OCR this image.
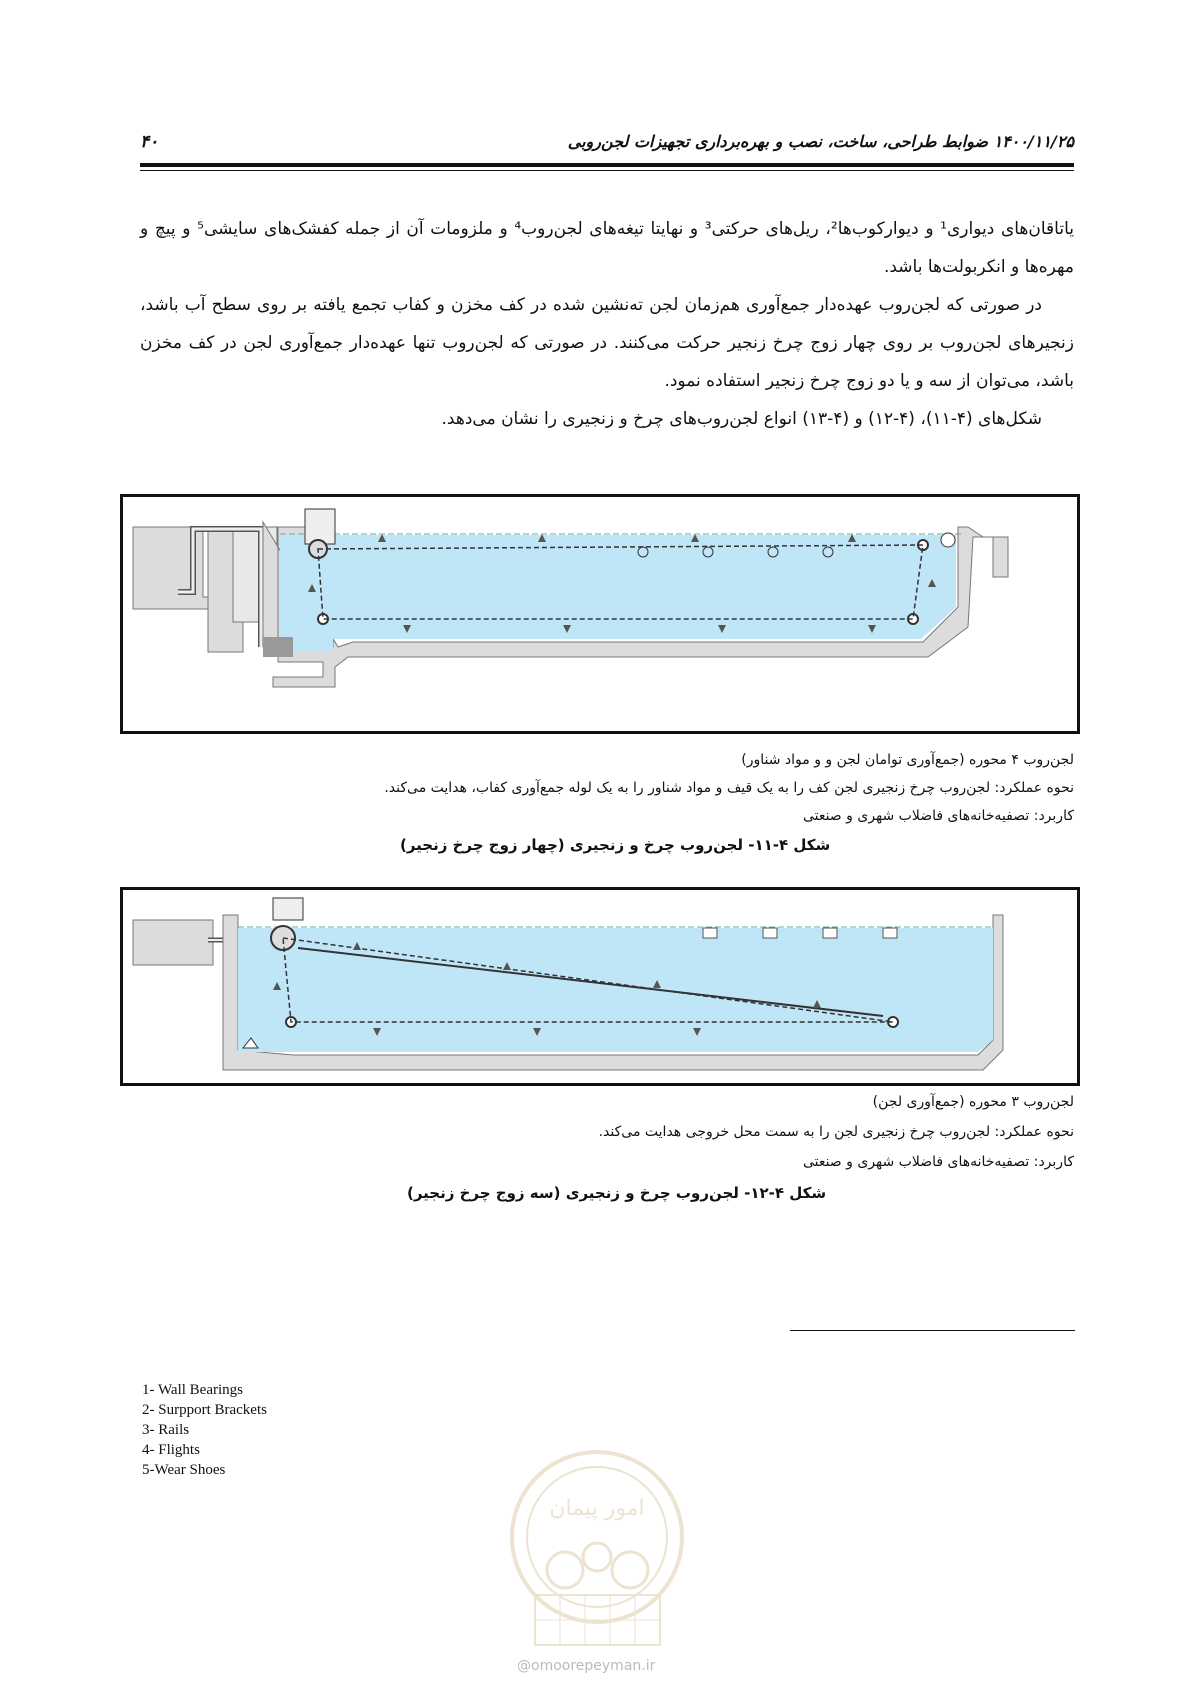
۴۰	۱۴۰۰/۱۱/۲۵ ضوابط طراحی، ساخت، نصب و بهره‌برداری تجهیزات لجن‌روبی

یاتاقان‌های دیواری¹ و دیوارکوب‌ها²، ریل‌های حرکتی³ و نهایتا تیغه‌های لجن‌روب⁴ و ملزومات آن از جمله کفشک‌های سایشی⁵ و پیچ و مهره‌ها و انکربولت‌ها باشد.

در صورتی که لجن‌روب عهده‌دار جمع‌آوری هم‌زمان لجن ته‌نشین شده در کف مخزن و کفاب تجمع یافته بر روی سطح آب باشد، زنجیرهای لجن‌روب بر روی چهار زوج چرخ زنجیر حرکت می‌کنند. در صورتی که لجن‌روب تنها عهده‌دار جمع‌آوری لجن در کف مخزن باشد، می‌توان از سه و یا دو زوج چرخ زنجیر استفاده نمود.

شکل‌های (۴-۱۱)، (۴-۱۲) و (۴-۱۳) انواع لجن‌روب‌های چرخ و زنجیری را نشان می‌دهد.

لجن‌روب ۴ محوره (جمع‌آوری توامان لجن و و مواد شناور)
نحوه عملکرد: لجن‌روب چرخ زنجیری لجن کف را به یک قیف و مواد شناور را به یک لوله جمع‌آوری کفاب، هدایت می‌کند.
کاربرد: تصفیه‌خانه‌های فاضلاب شهری و صنعتی
شکل ۴-۱۱- لجن‌روب چرخ و زنجیری (چهار زوج چرخ زنجیر)
لجن‌روب ۳ محوره (جمع‌آوری لجن)
نحوه عملکرد: لجن‌روب چرخ زنجیری لجن را به سمت محل خروجی هدایت می‌کند.
کاربرد: تصفیه‌خانه‌های فاضلاب شهری و صنعتی
شکل ۴-۱۲- لجن‌روب چرخ و زنجیری (سه زوج چرخ زنجیر)
1- Wall Bearings
2- Surpport Brackets
3- Rails
4- Flights
5-Wear Shoes
امور پیمان
@omoorepeyman.ir
